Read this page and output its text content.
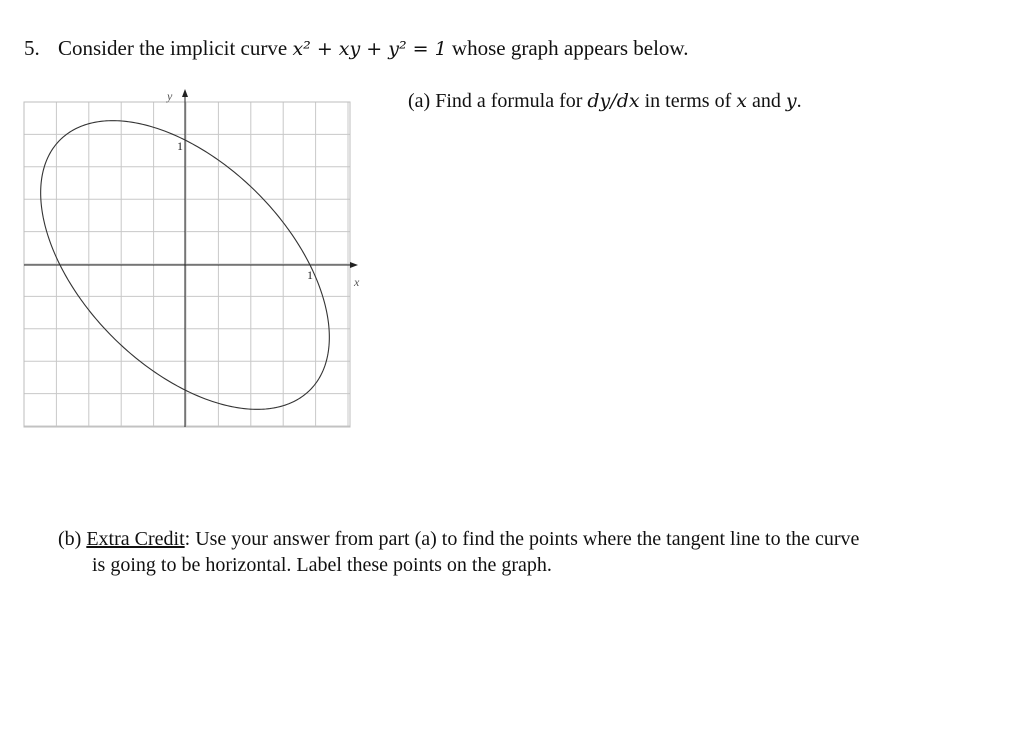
5. Consider the implicit curve x² + xy + y² = 1 whose graph appears below.
(a) Find a formula for dy/dx in terms of x and y.
x
y
1
1
(b) Extra Credit: Use your answer from part (a) to find the points where the tangent line to the curve
is going to be horizontal. Label these points on the graph.
